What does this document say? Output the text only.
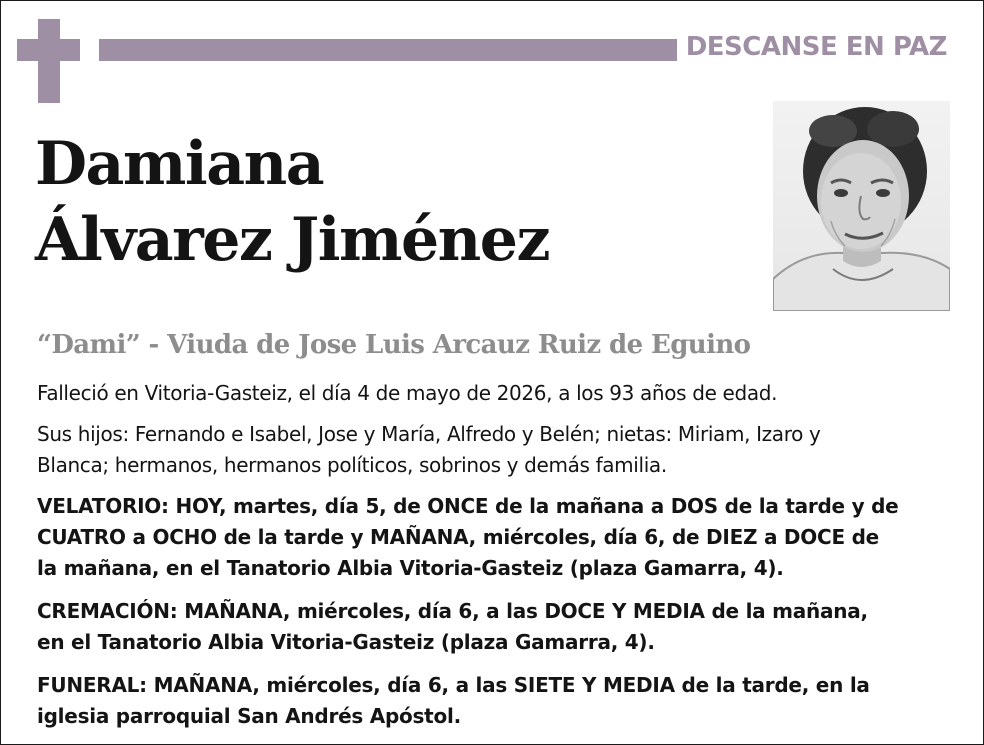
DESCANSE EN PAZ
Damiana
Álvarez Jiménez

“Dami” - Viuda de Jose Luis Arcauz Ruiz de Eguino

Falleció en Vitoria-Gasteiz, el día 4 de mayo de 2026, a los 93 años de edad.

Sus hijos: Fernando e Isabel, Jose y María, Alfredo y Belén; nietas: Miriam, Izaro y
Blanca; hermanos, hermanos políticos, sobrinos y demás familia.

VELATORIO: HOY, martes, día 5, de ONCE de la mañana a DOS de la tarde y de
CUATRO a OCHO de la tarde y MAÑANA, miércoles, día 6, de DIEZ a DOCE de
la mañana, en el Tanatorio Albia Vitoria-Gasteiz (plaza Gamarra, 4).

CREMACIÓN: MAÑANA, miércoles, día 6, a las DOCE Y MEDIA de la mañana,
en el Tanatorio Albia Vitoria-Gasteiz (plaza Gamarra, 4).

FUNERAL: MAÑANA, miércoles, día 6, a las SIETE Y MEDIA de la tarde, en la
iglesia parroquial San Andrés Apóstol.
